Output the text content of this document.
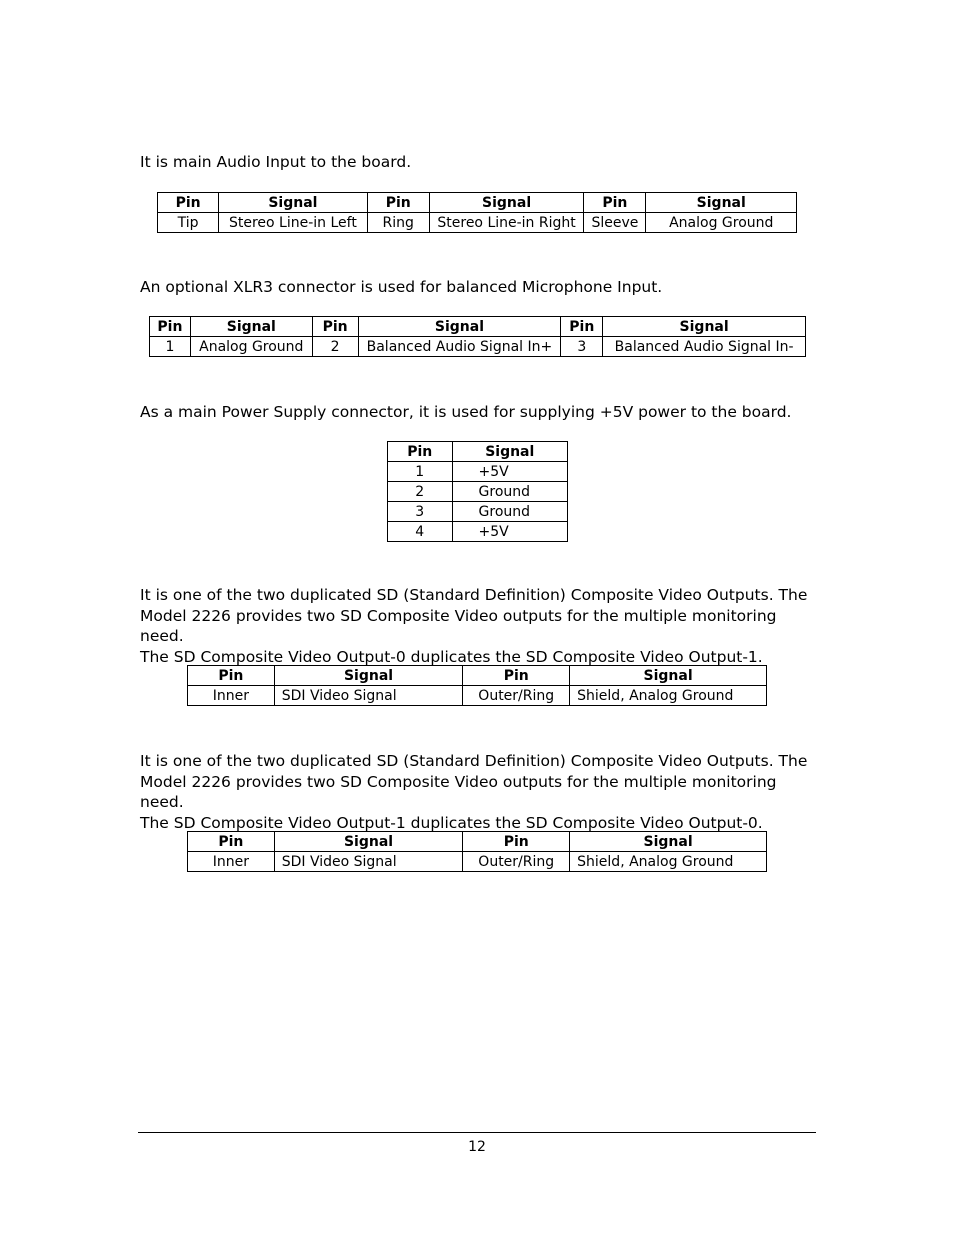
It is main Audio Input to the board.

Pin	Signal	Pin	Signal	Pin	Signal
Tip	Stereo Line-in Left	Ring	Stereo Line-in Right	Sleeve	Analog Ground

An optional XLR3 connector is used for balanced Microphone Input.

Pin	Signal	Pin	Signal	Pin	Signal
1	Analog Ground	2	Balanced Audio Signal In+	3	Balanced Audio Signal In-

As a main Power Supply connector, it is used for supplying +5V power to the board.

Pin	Signal
1	+5V
2	Ground
3	Ground
4	+5V
It is one of the two duplicated SD (Standard Definition) Composite Video Outputs. The
Model 2226 provides two SD Composite Video outputs for the multiple monitoring need.
The SD Composite Video Output-0 duplicates the SD Composite Video Output-1.
Pin	Signal	Pin	Signal
Inner	SDI Video Signal	Outer/Ring	Shield, Analog Ground
It is one of the two duplicated SD (Standard Definition) Composite Video Outputs. The
Model 2226 provides two SD Composite Video outputs for the multiple monitoring need.
The SD Composite Video Output-1 duplicates the SD Composite Video Output-0.
Pin	Signal	Pin	Signal
Inner	SDI Video Signal	Outer/Ring	Shield, Analog Ground
12
